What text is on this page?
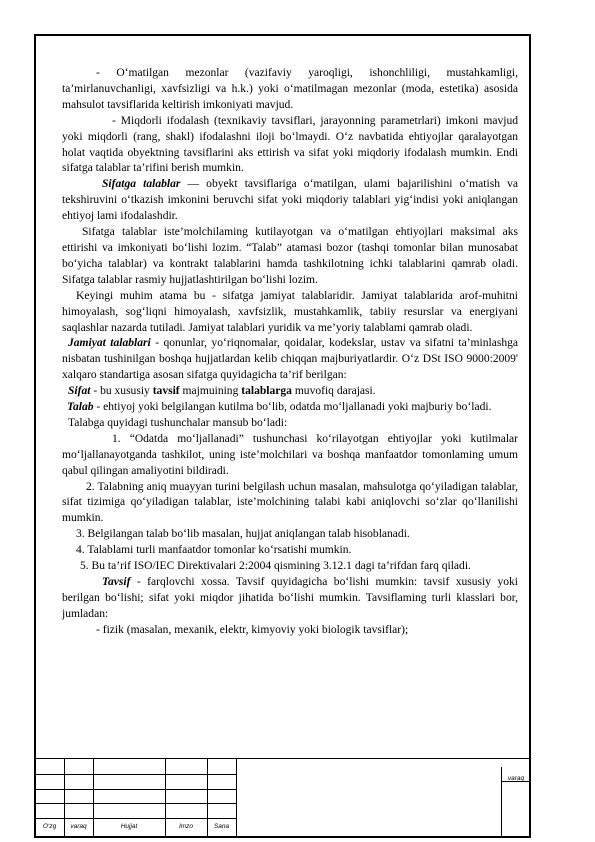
- O‘matilgan mezonlar (vazifaviy yaroqligi, ishonchliligi, mustahkamligi, ta’mirlanuvchanligi, xavfsizligi va h.k.) yoki o‘matilmagan mezonlar (moda, estetika) asosida mahsulot tavsiflarida keltirish imkoniyati mavjud.

- Miqdorli ifodalash (texnikaviy tavsiflari, jarayonning parametrlari) imkoni mavjud yoki miqdorli (rang, shakl) ifodalashni iloji bo‘lmaydi. O‘z navbatida ehtiyojlar qaralayotgan holat vaqtida obyektning tavsiflarini aks ettirish va sifat yoki miqdoriy ifodalash mumkin. Endi sifatga talablar ta’rifini berish mumkin.

Sifatga talablar — obyekt tavsiflariga o‘matilgan, ulami bajarilishini o‘matish va tekshiruvini o‘tkazish imkonini beruvchi sifat yoki miqdoriy talablari yig‘indisi yoki aniqlangan ehtiyoj lami ifodalashdir.

Sifatga talablar iste’molchilaming kutilayotgan va o‘matilgan ehtiyojlari maksimal aks ettirishi va imkoniyati bo‘lishi lozim. “Talab” atamasi bozor (tashqi tomonlar bilan munosabat bo‘yicha talablar) va kontrakt talablarini hamda tashkilotning ichki talablarini qamrab oladi. Sifatga talablar rasmiy hujjatlashtirilgan bo‘lishi lozim.

Keyingi muhim atama bu - sifatga jamiyat talablaridir. Jamiyat talablarida arof-muhitni himoyalash, sog‘liqni himoyalash, xavfsizlik, mustahkamlik, tabiiy resurslar va energiyani saqlashlar nazarda tutiladi. Jamiyat talablari yuridik va me’yoriy talablami qamrab oladi.

Jamiyat talablari - qonunlar, yo‘riqnomalar, qoidalar, kodekslar, ustav va sifatni ta’minlashga nisbatan tushinilgan boshqa hujjatlardan kelib chiqqan majburiyatlardir. O‘z DSt ISO 9000:2009' xalqaro standartiga asosan sifatga quyidagicha ta’rif berilgan:

Sifat - bu xususiy tavsif majmuining talablarga muvofiq darajasi.

Talab - ehtiyoj yoki belgilangan kutilma bo‘lib, odatda mo‘ljallanadi yoki majburiy bo‘ladi.

Talabga quyidagi tushunchalar mansub bo‘ladi:

1. “Odatda mo‘ljallanadi” tushunchasi ko‘rilayotgan ehtiyojlar yoki kutilmalar mo‘ljallanayotganda tashkilot, uning iste’molchilari va boshqa manfaatdor tomonlaming umum qabul qilingan amaliyotini bildiradi.

2. Talabning aniq muayyan turini belgilash uchun masalan, mahsulotga qo‘yiladigan talablar, sifat tizimiga qo‘yiladigan talablar, iste’molchining talabi kabi aniqlovchi so‘zlar qo‘llanilishi mumkin.

3. Belgilangan talab bo‘lib masalan, hujjat aniqlangan talab hisoblanadi.

4. Talablami turli manfaatdor tomonlar ko‘rsatishi mumkin.

5. Bu ta’rif ISO/IEC Direktivalari 2:2004 qismining 3.12.1 dagi ta’rifdan farq qiladi.

Tavsif - farqlovchi xossa. Tavsif quyidagicha bo‘lishi mumkin: tavsif xususiy yoki berilgan bo‘lishi; sifat yoki miqdor jihatida bo‘lishi mumkin. Tavsiflaming turli klasslari bor, jumladan:

- fizik (masalan, mexanik, elektr, kimyoviy yoki biologik tavsiflar);

O‘zg	varaq	Hujjat	Imzo	Sana
varaq
